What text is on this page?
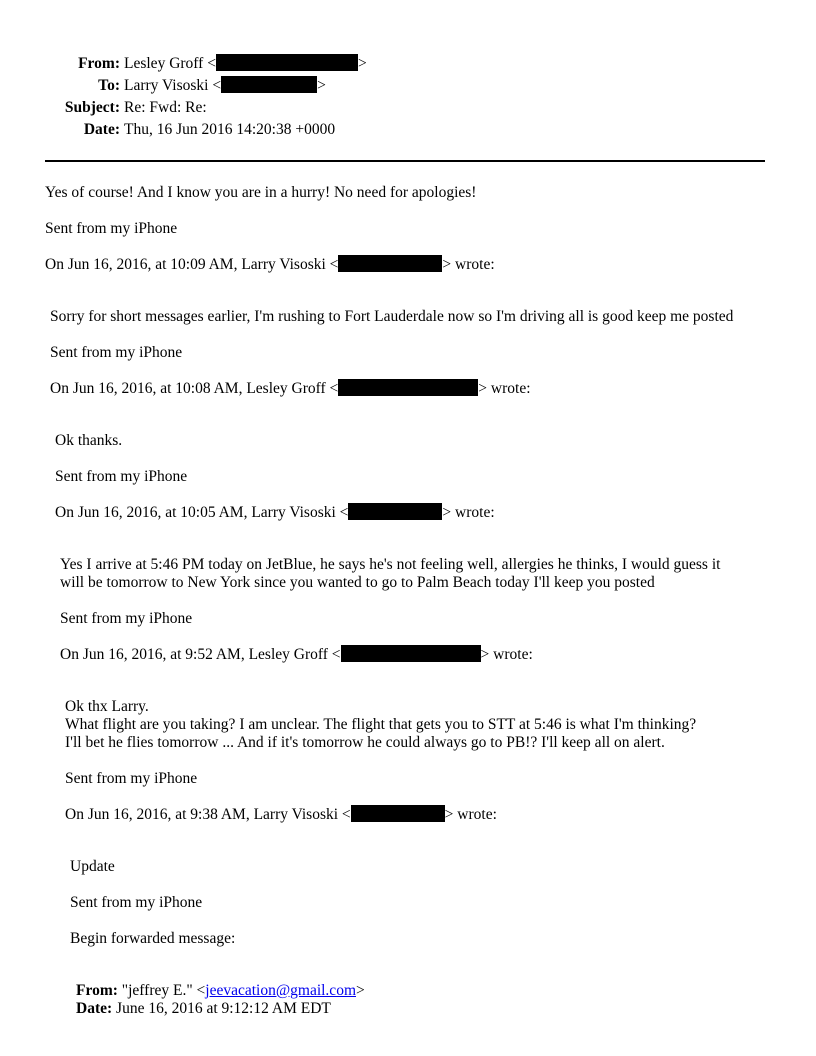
From: Lesley Groff <	>
To: Larry Visoski <	>
Subject: Re: Fwd: Re:
Date: Thu, 16 Jun 2016 14:20:38 +0000
Yes of course! And I know you are in a hurry! No need for apologies!
Sent from my iPhone
On Jun 16, 2016, at 10:09 AM, Larry Visoski <	> wrote:
Sorry for short messages earlier, I'm rushing to Fort Lauderdale now so I'm driving all is good keep me posted
Sent from my iPhone
On Jun 16, 2016, at 10:08 AM, Lesley Groff <	> wrote:
Ok thanks.
Sent from my iPhone
On Jun 16, 2016, at 10:05 AM, Larry Visoski <	> wrote:
Yes I arrive at 5:46 PM today on JetBlue, he says he's not feeling well, allergies he thinks, I would guess it
will be tomorrow to New York since you wanted to go to Palm Beach today I'll keep you posted
Sent from my iPhone
On Jun 16, 2016, at 9:52 AM, Lesley Groff <	> wrote:
Ok thx Larry.
What flight are you taking? I am unclear. The flight that gets you to STT at 5:46 is what I'm thinking?
I'll bet he flies tomorrow ... And if it's tomorrow he could always go to PB!? I'll keep all on alert.
Sent from my iPhone
On Jun 16, 2016, at 9:38 AM, Larry Visoski <	> wrote:
Update
Sent from my iPhone
Begin forwarded message:
From: "jeffrey E." <jeevacation@gmail.com>
Date: June 16, 2016 at 9:12:12 AM EDT
